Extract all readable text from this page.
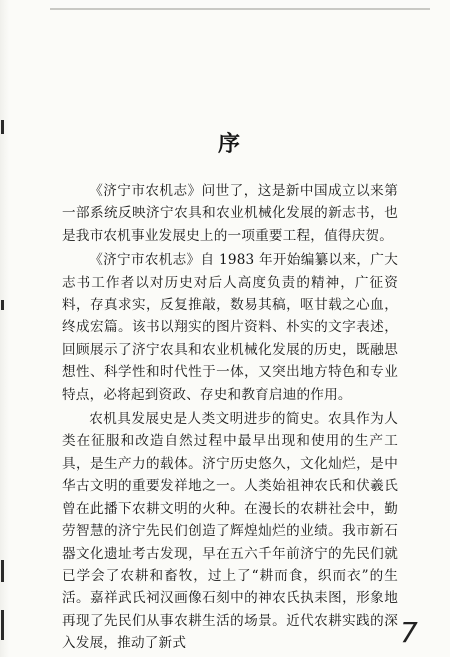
序

《济宁市农机志》问世了，这是新中国成立以来第一部系统反映济宁农具和农业机械化发展的新志书，也是我市农机事业发展史上的一项重要工程，值得庆贺。

《济宁市农机志》自 1983 年开始编纂以来，广大志书工作者以对历史对后人高度负责的精神，广征资料，存真求实，反复推敲，数易其稿，呕甘载之心血，终成宏篇。该书以翔实的图片资料、朴实的文字表述，回顾展示了济宁农具和农业机械化发展的历史，既融思想性、科学性和时代性于一体，又突出地方特色和专业特点，必将起到资政、存史和教育启迪的作用。

农机具发展史是人类文明进步的简史。农具作为人类在征服和改造自然过程中最早出现和使用的生产工具，是生产力的载体。济宁历史悠久，文化灿烂，是中华古文明的重要发祥地之一。人类始祖神农氏和伏羲氏曾在此播下农耕文明的火种。在漫长的农耕社会中，勤劳智慧的济宁先民们创造了辉煌灿烂的业绩。我市新石器文化遗址考古发现，早在五六千年前济宁的先民们就已学会了农耕和畜牧，过上了“耕而食，织而衣”的生活。嘉祥武氏祠汉画像石刻中的神农氏执耒图，形象地再现了先民们从事农耕生活的场景。近代农耕实践的深入发展，推动了新式	7
